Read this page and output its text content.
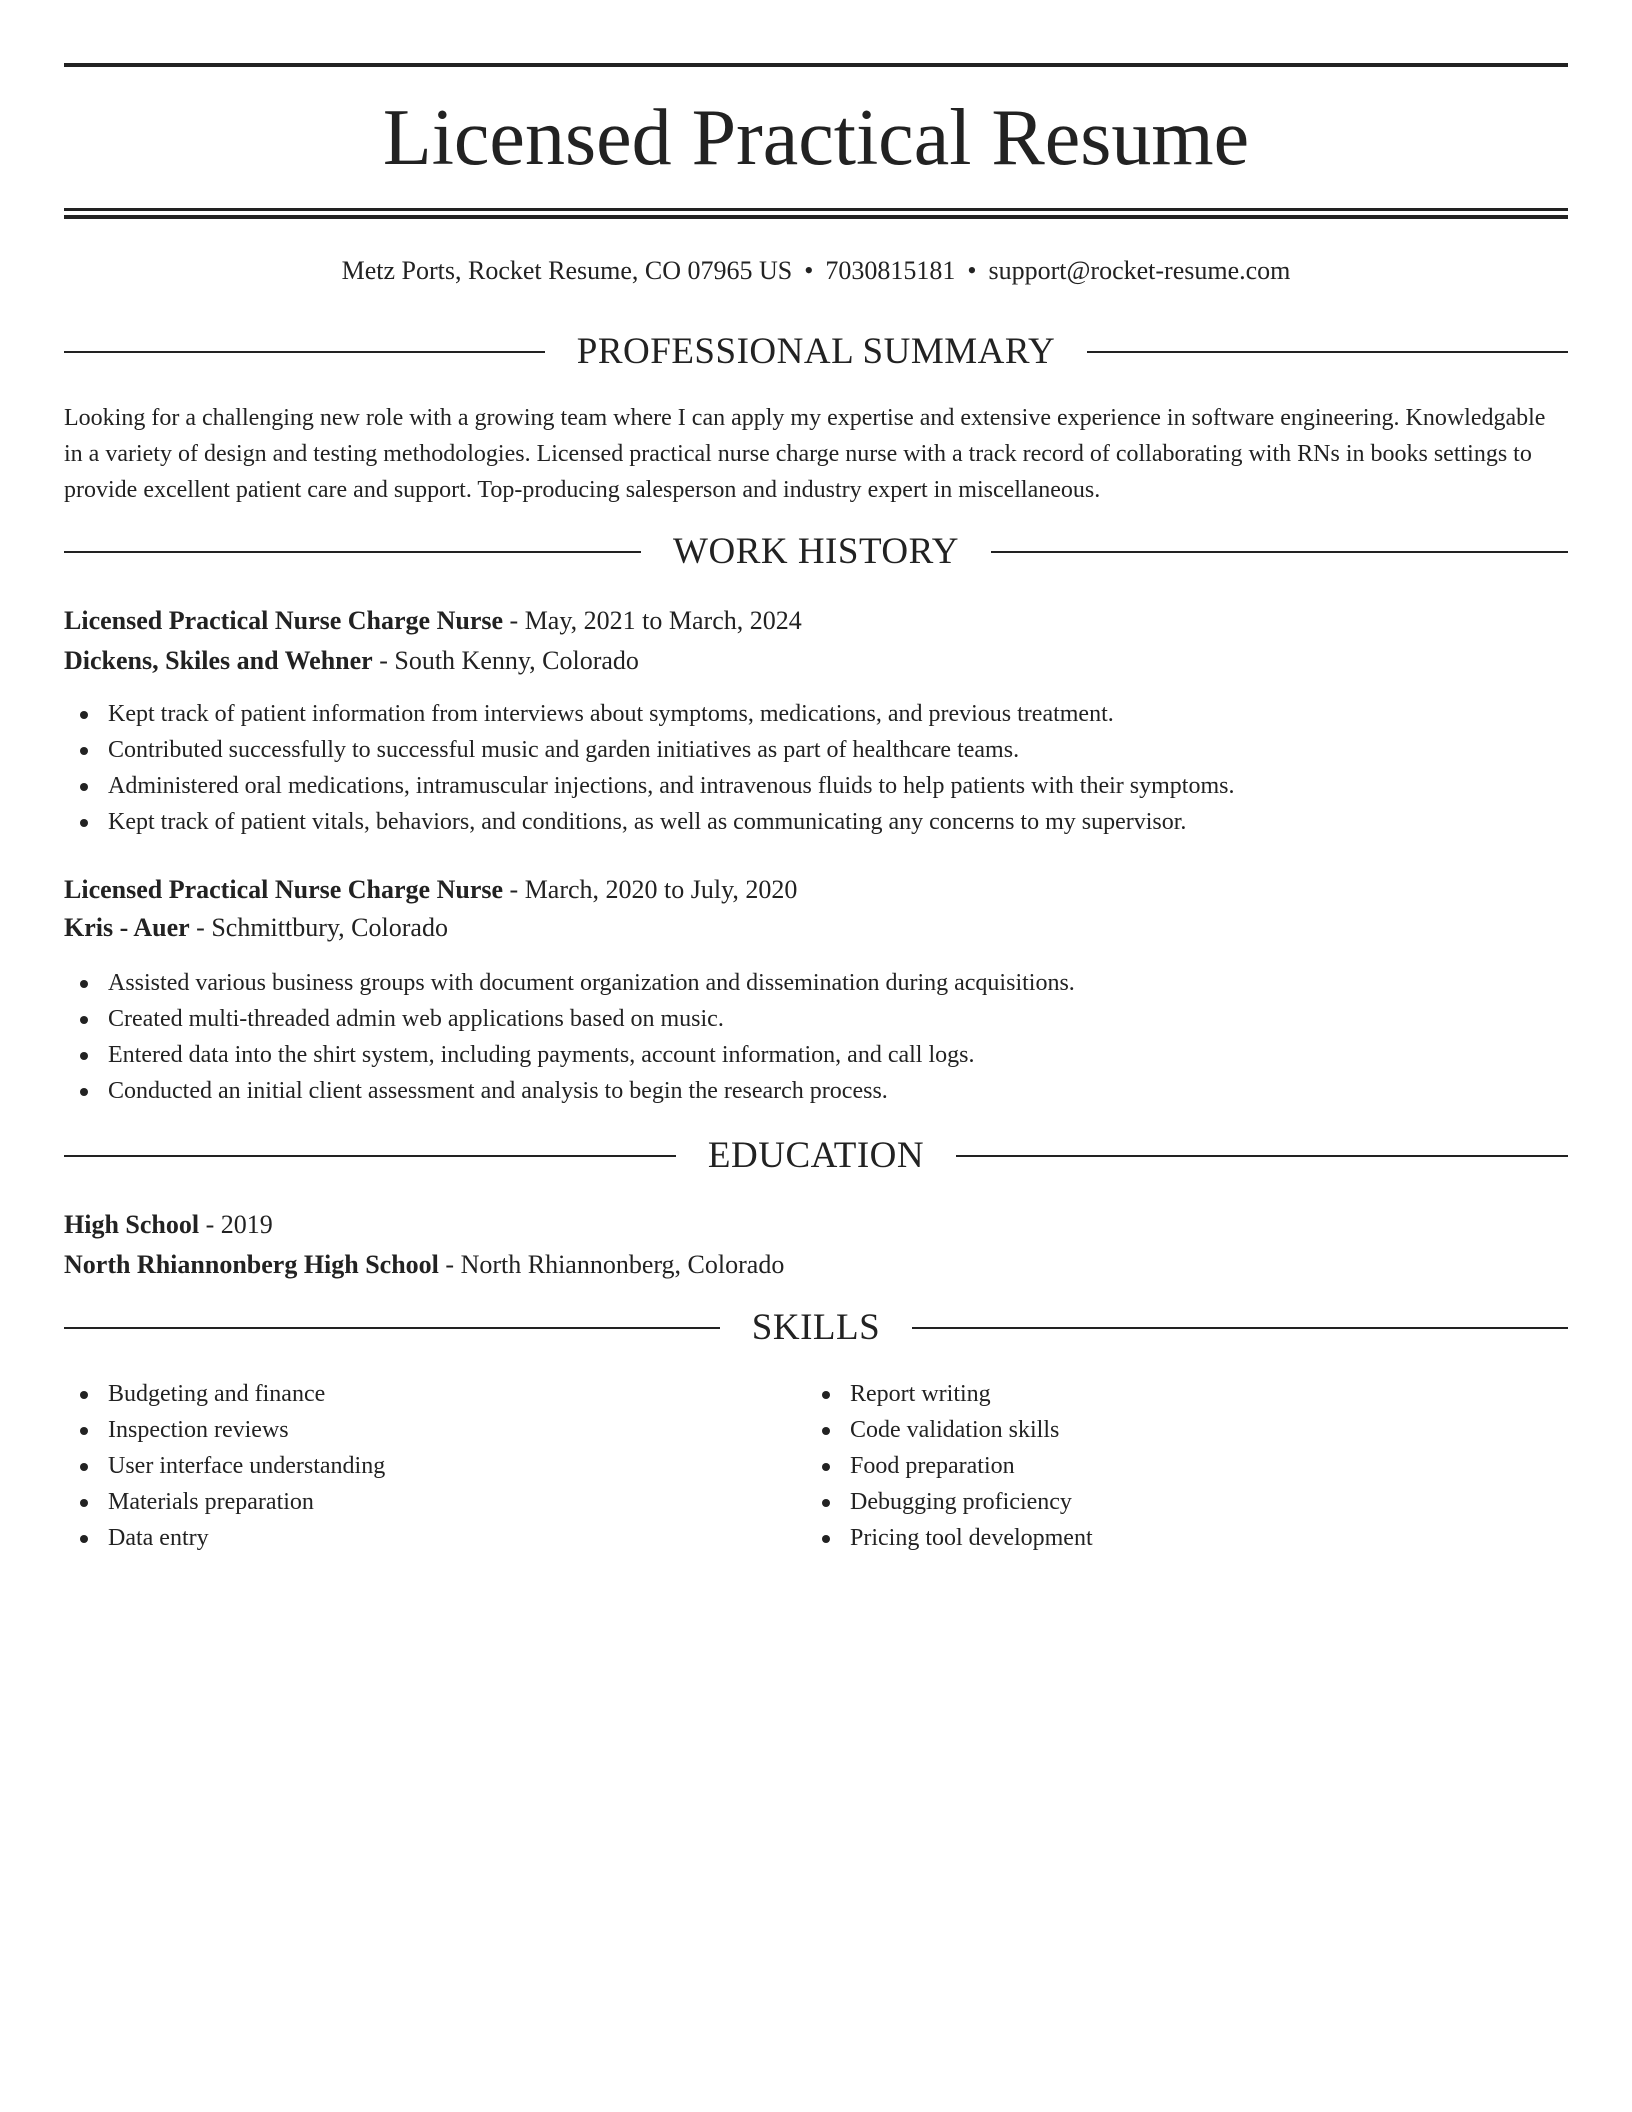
Licensed Practical Resume
Metz Ports, Rocket Resume, CO 07965 US • 7030815181 • support@rocket-resume.com
PROFESSIONAL SUMMARY

Looking for a challenging new role with a growing team where I can apply my expertise and extensive experience in software engineering. Knowledgable in a variety of design and testing methodologies. Licensed practical nurse charge nurse with a track record of collaborating with RNs in books settings to provide excellent patient care and support. Top-producing salesperson and industry expert in miscellaneous.

WORK HISTORY
Licensed Practical Nurse Charge Nurse - May, 2021 to March, 2024
Dickens, Skiles and Wehner - South Kenny, Colorado
Kept track of patient information from interviews about symptoms, medications, and previous treatment.
Contributed successfully to successful music and garden initiatives as part of healthcare teams.
Administered oral medications, intramuscular injections, and intravenous fluids to help patients with their symptoms.
Kept track of patient vitals, behaviors, and conditions, as well as communicating any concerns to my supervisor.
Licensed Practical Nurse Charge Nurse - March, 2020 to July, 2020
Kris - Auer - Schmittbury, Colorado
Assisted various business groups with document organization and dissemination during acquisitions.
Created multi-threaded admin web applications based on music.
Entered data into the shirt system, including payments, account information, and call logs.
Conducted an initial client assessment and analysis to begin the research process.
EDUCATION
High School - 2019
North Rhiannonberg High School - North Rhiannonberg, Colorado
SKILLS
Budgeting and finance
Inspection reviews
User interface understanding
Materials preparation
Data entry
Report writing
Code validation skills
Food preparation
Debugging proficiency
Pricing tool development
